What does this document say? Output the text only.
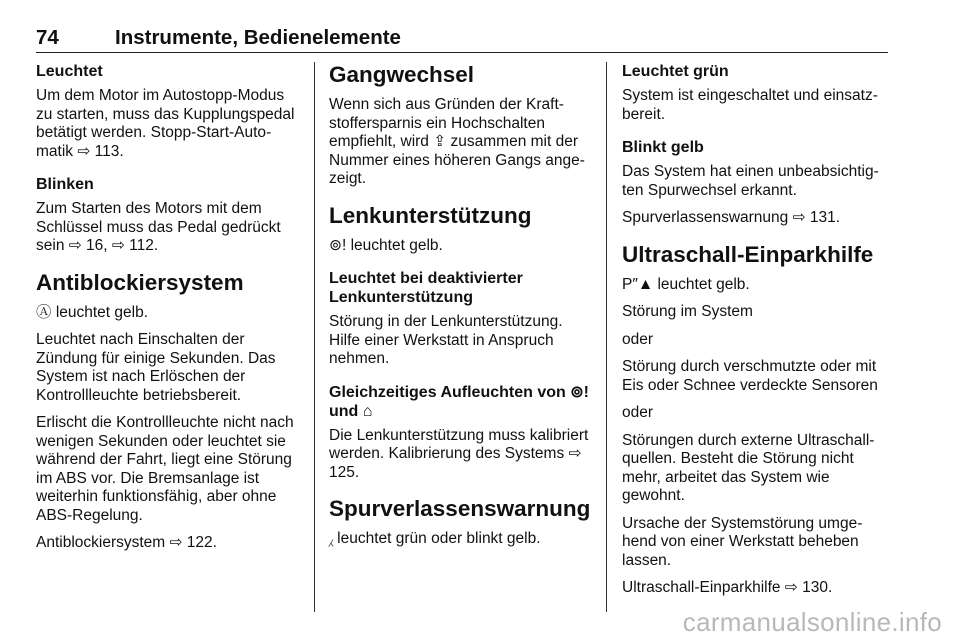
74	Instrumente, Bedienelemente
Leuchtet

Um dem Motor im Autostopp-Modus zu starten, muss das Kupplungspedal betätigt werden. Stopp-Start-Automatik ⇨ 113.

Blinken

Zum Starten des Motors mit dem Schlüssel muss das Pedal gedrückt sein ⇨ 16, ⇨ 112.

Antiblockiersystem

Ⓐ leuchtet gelb.

Leuchtet nach Einschalten der Zündung für einige Sekunden. Das System ist nach Erlöschen der Kontrollleuchte betriebsbereit.

Erlischt die Kontrollleuchte nicht nach wenigen Sekunden oder leuchtet sie während der Fahrt, liegt eine Störung im ABS vor. Die Bremsanlage ist weiterhin funktionsfähig, aber ohne ABS-Regelung.

Antiblockiersystem ⇨ 122.

Gangwechsel

Wenn sich aus Gründen der Kraftstoffersparnis ein Hochschalten empfiehlt, wird ⇪ zusammen mit der Nummer eines höheren Gangs angezeigt.

Lenkunterstützung

⊚! leuchtet gelb.

Leuchtet bei deaktivierter Lenkunterstützung

Störung in der Lenkunterstützung. Hilfe einer Werkstatt in Anspruch nehmen.

Gleichzeitiges Aufleuchten von ⊚! und ⌂

Die Lenkunterstützung muss kalibriert werden. Kalibrierung des Systems ⇨ 125.

Spurverlassenswarnung

⁁ leuchtet grün oder blinkt gelb.

Leuchtet grün

System ist eingeschaltet und einsatzbereit.

Blinkt gelb

Das System hat einen unbeabsichtigten Spurwechsel erkannt.

Spurverlassenswarnung ⇨ 131.

Ultraschall-Einparkhilfe

P″▲ leuchtet gelb.

Störung im System

oder

Störung durch verschmutzte oder mit Eis oder Schnee verdeckte Sensoren

oder

Störungen durch externe Ultraschallquellen. Besteht die Störung nicht mehr, arbeitet das System wie gewohnt.

Ursache der Systemstörung umgehend von einer Werkstatt beheben lassen.

Ultraschall-Einparkhilfe ⇨ 130.

carmanualsonline.info
